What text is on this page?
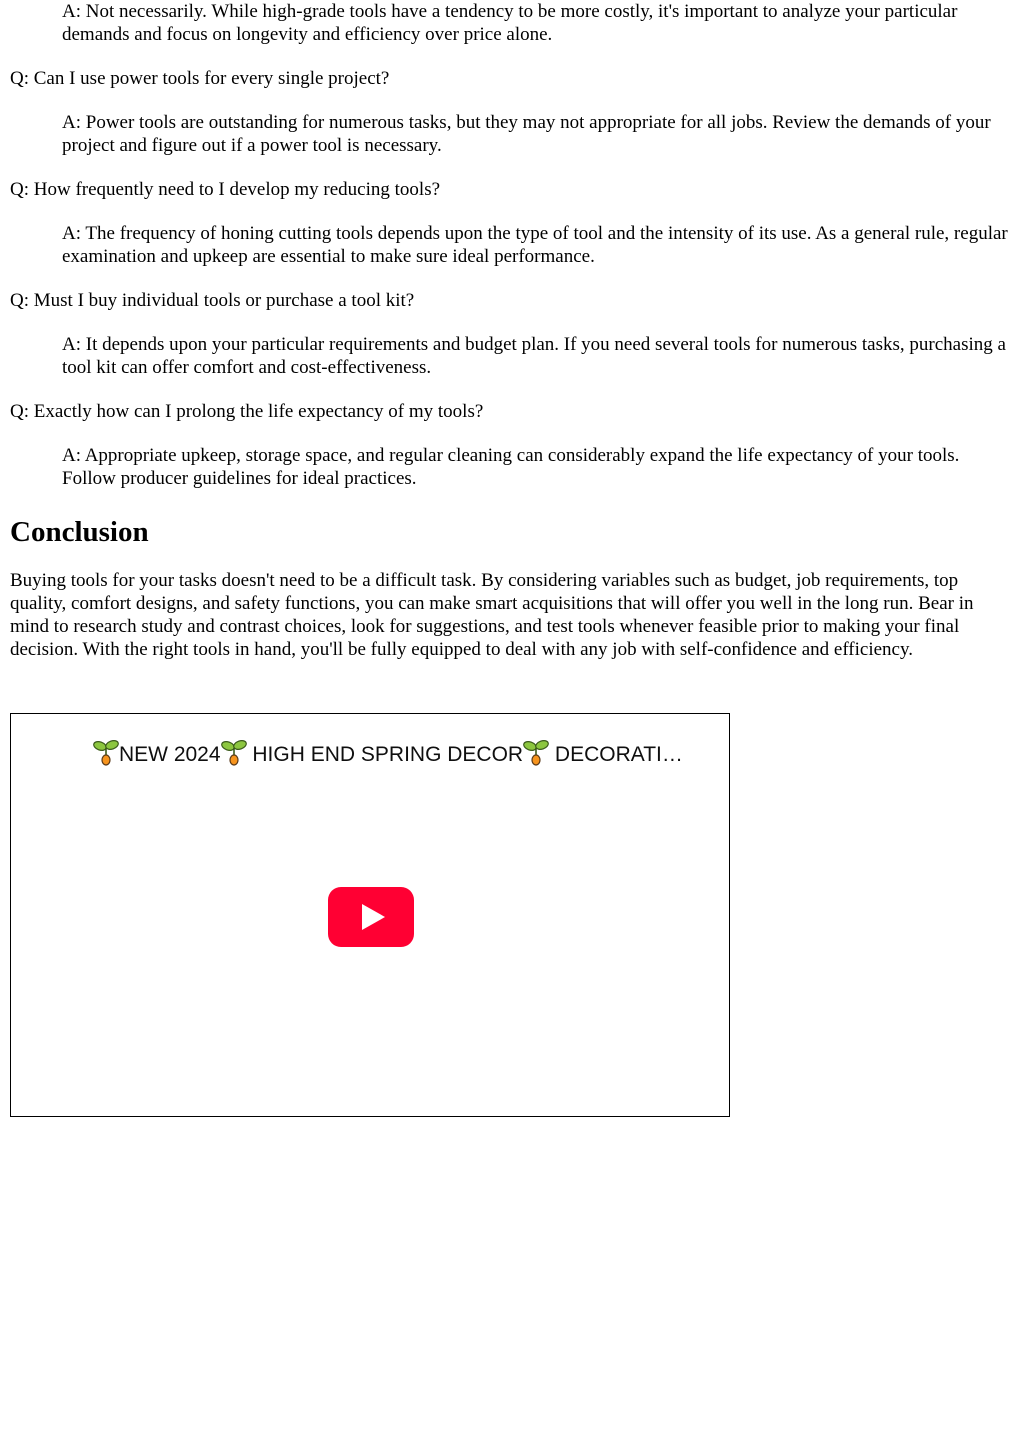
A: Not necessarily. While high-grade tools have a tendency to be more costly, it's important to analyze your particular demands and focus on longevity and efficiency over price alone.

Q: Can I use power tools for every single project?

A: Power tools are outstanding for numerous tasks, but they may not appropriate for all jobs. Review the demands of your project and figure out if a power tool is necessary.

Q: How frequently need to I develop my reducing tools?

A: The frequency of honing cutting tools depends upon the type of tool and the intensity of its use. As a general rule, regular examination and upkeep are essential to make sure ideal performance.

Q: Must I buy individual tools or purchase a tool kit?

A: It depends upon your particular requirements and budget plan. If you need several tools for numerous tasks, purchasing a tool kit can offer comfort and cost-effectiveness.

Q: Exactly how can I prolong the life expectancy of my tools?

A: Appropriate upkeep, storage space, and regular cleaning can considerably expand the life expectancy of your tools. Follow producer guidelines for ideal practices.

Conclusion

Buying tools for your tasks doesn't need to be a difficult task. By considering variables such as budget, job requirements, top quality, comfort designs, and safety functions, you can make smart acquisitions that will offer you well in the long run. Bear in mind to research study and contrast choices, look for suggestions, and test tools whenever feasible prior to making your final decision. With the right tools in hand, you'll be fully equipped to deal with any job with self-confidence and efficiency.

NEW 2024 HIGH END SPRING DECOR DECORATI…
